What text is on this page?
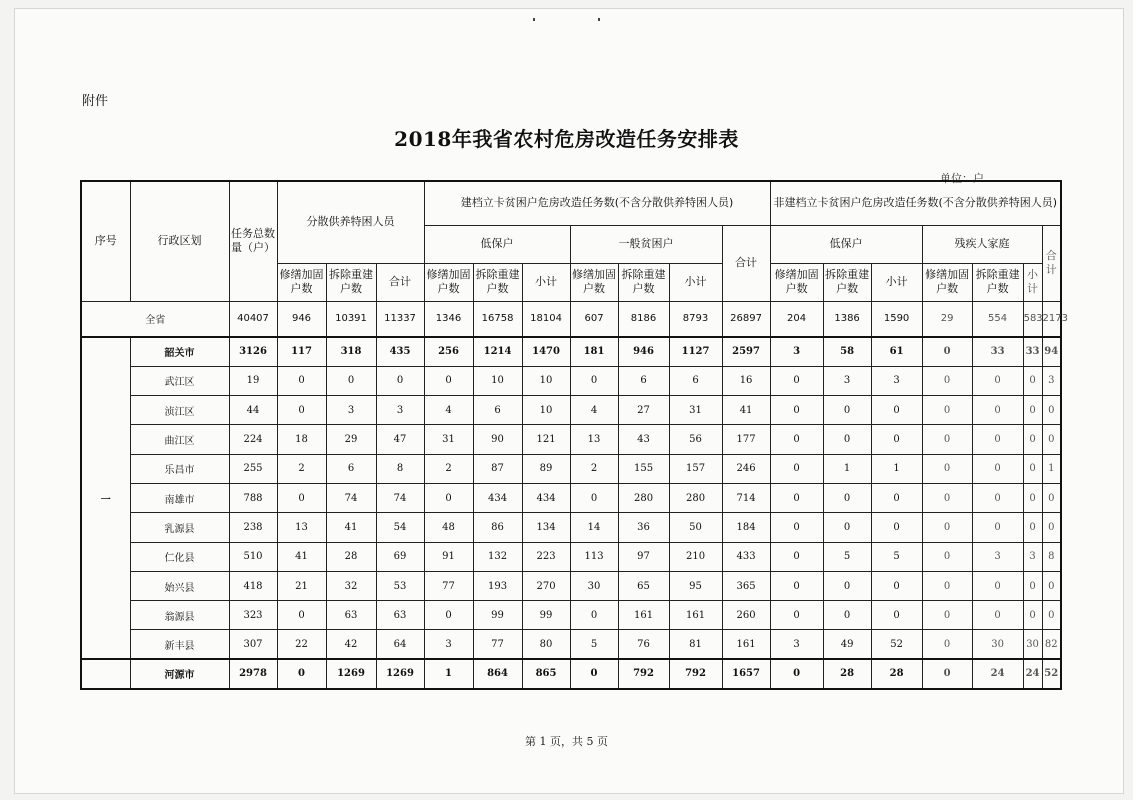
附件
2018年我省农村危房改造任务安排表
单位：户
序号	行政区划	任务总数量（户）	分散供养特困人员			建档立卡贫困户危房改造任务数(不含分散供养特困人员)							非建档立卡贫困户危房改造任务数(不含分散供养特困人员)						
						低保户			一般贫困户			合计	低保户			残疾人家庭			合计
			修缮加固户数	拆除重建户数	合计	修缮加固户数	拆除重建户数	小计	修缮加固户数	拆除重建户数	小计		修缮加固户数	拆除重建户数	小计	修缮加固户数	拆除重建户数	小计	
全省		40407	946	10391	11337	1346	16758	18104	607	8186	8793	26897	204	1386	1590	29	554	583	2173
一	韶关市	3126	117	318	435	256	1214	1470	181	946	1127	2597	3	58	61	0	33	33	94
	武江区	19	0	0	0	0	10	10	0	6	6	16	0	3	3	0	0	0	3
	浈江区	44	0	3	3	4	6	10	4	27	31	41	0	0	0	0	0	0	0
	曲江区	224	18	29	47	31	90	121	13	43	56	177	0	0	0	0	0	0	0
	乐昌市	255	2	6	8	2	87	89	2	155	157	246	0	1	1	0	0	0	1
	南雄市	788	0	74	74	0	434	434	0	280	280	714	0	0	0	0	0	0	0
	乳源县	238	13	41	54	48	86	134	14	36	50	184	0	0	0	0	0	0	0
	仁化县	510	41	28	69	91	132	223	113	97	210	433	0	5	5	0	3	3	8
	始兴县	418	21	32	53	77	193	270	30	65	95	365	0	0	0	0	0	0	0
	翁源县	323	0	63	63	0	99	99	0	161	161	260	0	0	0	0	0	0	0
	新丰县	307	22	42	64	3	77	80	5	76	81	161	3	49	52	0	30	30	82
	河源市	2978	0	1269	1269	1	864	865	0	792	792	1657	0	28	28	0	24	24	52
第 1 页，共 5 页
